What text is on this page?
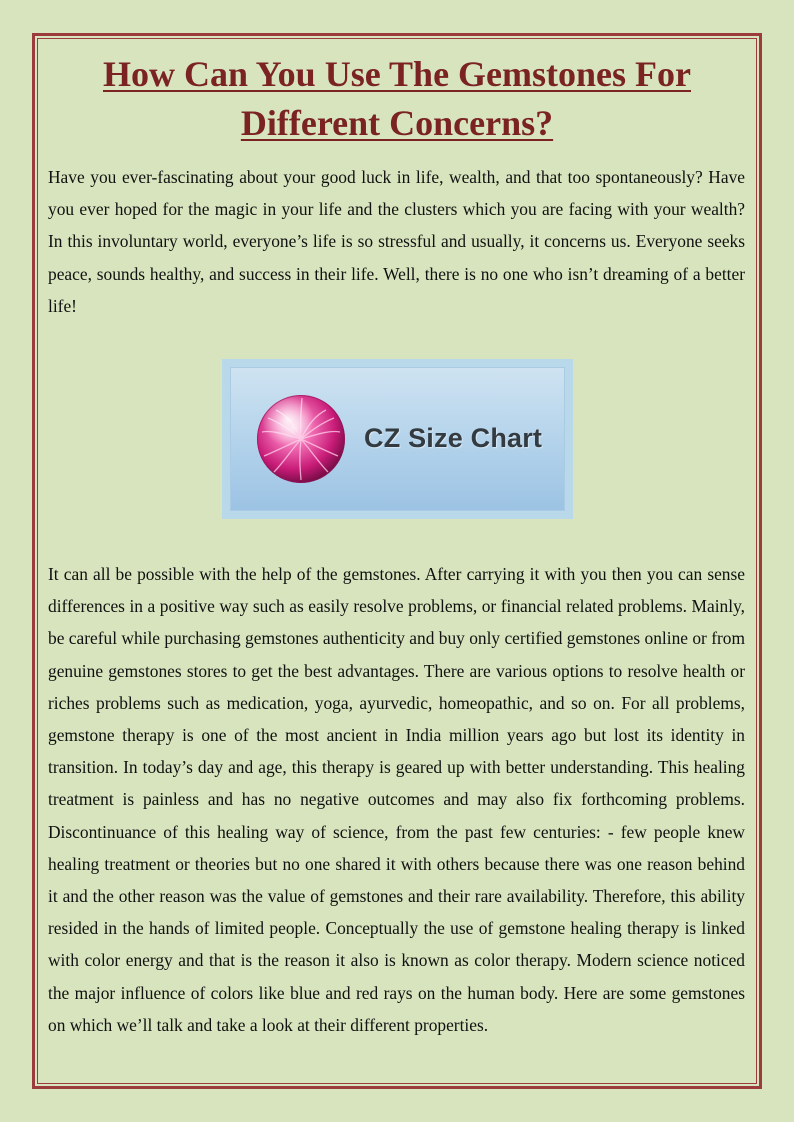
How Can You Use The Gemstones For Different Concerns?

Have you ever-fascinating about your good luck in life, wealth, and that too spontaneously? Have you ever hoped for the magic in your life and the clusters which you are facing with your wealth? In this involuntary world, everyone’s life is so stressful and usually, it concerns us. Everyone seeks peace, sounds healthy, and success in their life. Well, there is no one who isn’t dreaming of a better life!

CZ Size Chart

It can all be possible with the help of the gemstones. After carrying it with you then you can sense differences in a positive way such as easily resolve problems, or financial related problems. Mainly, be careful while purchasing gemstones authenticity and buy only certified gemstones online or from genuine gemstones stores to get the best advantages. There are various options to resolve health or riches problems such as medication, yoga, ayurvedic, homeopathic, and so on. For all problems, gemstone therapy is one of the most ancient in India million years ago but lost its identity in transition. In today’s day and age, this therapy is geared up with better understanding. This healing treatment is painless and has no negative outcomes and may also fix forthcoming problems. Discontinuance of this healing way of science, from the past few centuries: - few people knew healing treatment or theories but no one shared it with others because there was one reason behind it and the other reason was the value of gemstones and their rare availability. Therefore, this ability resided in the hands of limited people. Conceptually the use of gemstone healing therapy is linked with color energy and that is the reason it also is known as color therapy. Modern science noticed the major influence of colors like blue and red rays on the human body. Here are some gemstones on which we’ll talk and take a look at their different properties.
